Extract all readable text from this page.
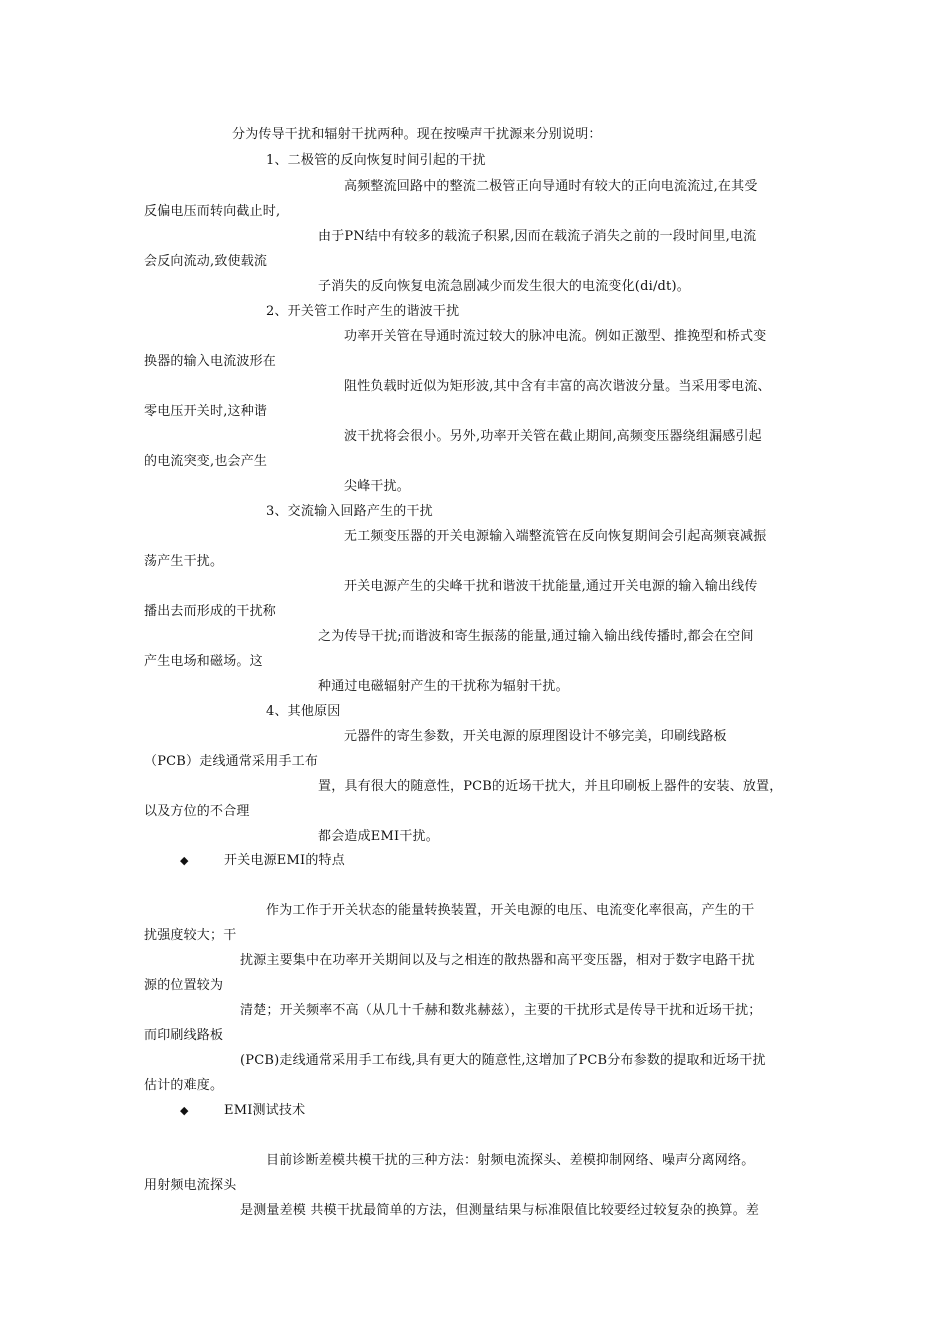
分为传导干扰和辐射干扰两种。现在按噪声干扰源来分别说明：
1、二极管的反向恢复时间引起的干扰
高频整流回路中的整流二极管正向导通时有较大的正向电流流过,在其受
反偏电压而转向截止时,
由于PN结中有较多的载流子积累,因而在载流子消失之前的一段时间里,电流
会反向流动,致使载流
子消失的反向恢复电流急剧减少而发生很大的电流变化(di/dt)。
2、开关管工作时产生的谐波干扰
功率开关管在导通时流过较大的脉冲电流。例如正激型、推挽型和桥式变
换器的输入电流波形在
阻性负载时近似为矩形波,其中含有丰富的高次谐波分量。当采用零电流、
零电压开关时,这种谐
波干扰将会很小。另外,功率开关管在截止期间,高频变压器绕组漏感引起
的电流突变,也会产生
尖峰干扰。
3、交流输入回路产生的干扰
无工频变压器的开关电源输入端整流管在反向恢复期间会引起高频衰减振
荡产生干扰。
开关电源产生的尖峰干扰和谐波干扰能量,通过开关电源的输入输出线传
播出去而形成的干扰称
之为传导干扰;而谐波和寄生振荡的能量,通过输入输出线传播时,都会在空间
产生电场和磁场。这
种通过电磁辐射产生的干扰称为辐射干扰。
4、其他原因
元器件的寄生参数，开关电源的原理图设计不够完美，印刷线路板
（PCB）走线通常采用手工布
置，具有很大的随意性，PCB的近场干扰大，并且印刷板上器件的安装、放置，
以及方位的不合理
都会造成EMI干扰。
◆	开关电源EMI的特点
作为工作于开关状态的能量转换装置，开关电源的电压、电流变化率很高，产生的干
扰强度较大；干
扰源主要集中在功率开关期间以及与之相连的散热器和高平变压器，相对于数字电路干扰
源的位置较为
清楚；开关频率不高（从几十千赫和数兆赫兹），主要的干扰形式是传导干扰和近场干扰；
而印刷线路板
(PCB)走线通常采用手工布线,具有更大的随意性,这增加了PCB分布参数的提取和近场干扰
估计的难度。
◆	EMI测试技术
目前诊断差模共模干扰的三种方法：射频电流探头、差模抑制网络、噪声分离网络。
用射频电流探头
是测量差模 共模干扰最简单的方法，但测量结果与标准限值比较要经过较复杂的换算。差
